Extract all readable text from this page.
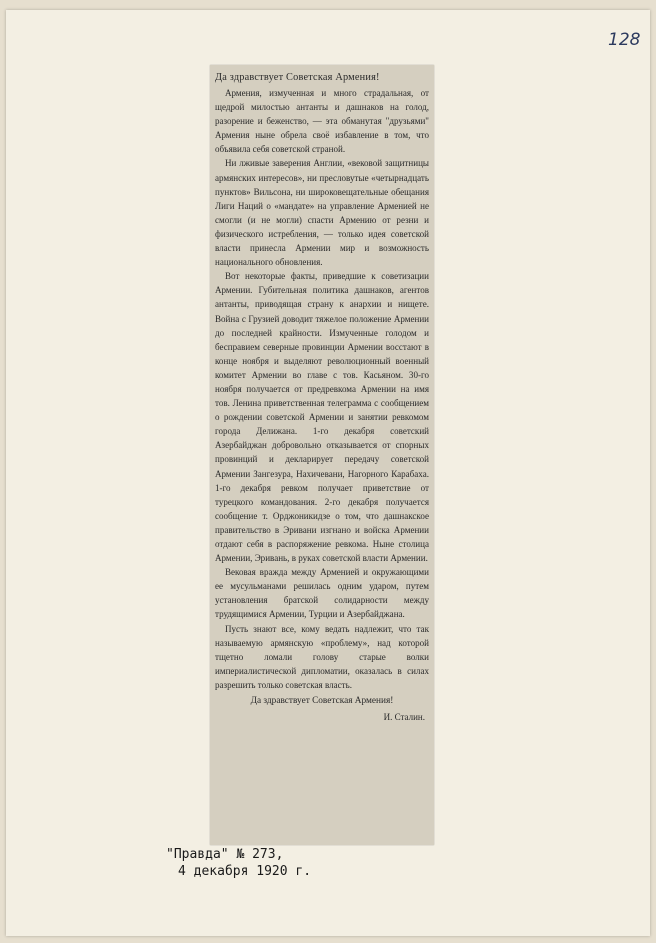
128

Да здравствует Советская Армения!

Армения, измученная и много страдальная, от щедрой милостью антанты и дашнаков на голод, разорение и беженство, — эта обманутая "друзьями" Армения ныне обрела своё избавление в том, что объявила себя советской страной.

Ни лживые заверения Англии, «вековой защитницы армянских интересов», ни пресловутые «четырнадцать пунктов» Вильсона, ни широковещательные обещания Лиги Наций о «мандате» на управление Арменией не смогли (и не могли) спасти Армению от резни и физического истребления, — только идея советской власти принесла Армении мир и возможность национального обновления.

Вот некоторые факты, приведшие к советизации Армении. Губительная политика дашнаков, агентов антанты, приводящая страну к анархии и нищете. Война с Грузией доводит тяжелое положение Армении до последней крайности. Измученные голодом и бесправием северные провинции Армении восстают в конце ноября и выделяют революционный военный комитет Армении во главе с тов. Касьяном. 30-го ноября получается от предревкома Армении на имя тов. Ленина приветственная телеграмма с сообщением о рождении советской Армении и занятии ревкомом города Делижана. 1-го декабря советский Азербайджан добровольно отказывается от спорных провинций и декларирует передачу советской Армении Зангезура, Нахичевани, Нагорного Карабаха. 1-го декабря ревком получает приветствие от турецкого командования. 2-го декабря получается сообщение т. Орджоникидзе о том, что дашнакское правительство в Эривани изгнано и войска Армении отдают себя в распоряжение ревкома. Ныне столица Армении, Эривань, в руках советской власти Армении.

Вековая вражда между Арменией и окружающими ее мусульманами решилась одним ударом, путем установления братской солидарности между трудящимися Армении, Турции и Азербайджана.

Пусть знают все, кому ведать надлежит, что так называемую армянскую «проблему», над которой тщетно ломали голову старые волки империалистической дипломатии, оказалась в силах разрешить только советская власть.

Да здравствует Советская Армения!

И. Сталин.

"Правда" № 273,
4 декабря 1920 г.
